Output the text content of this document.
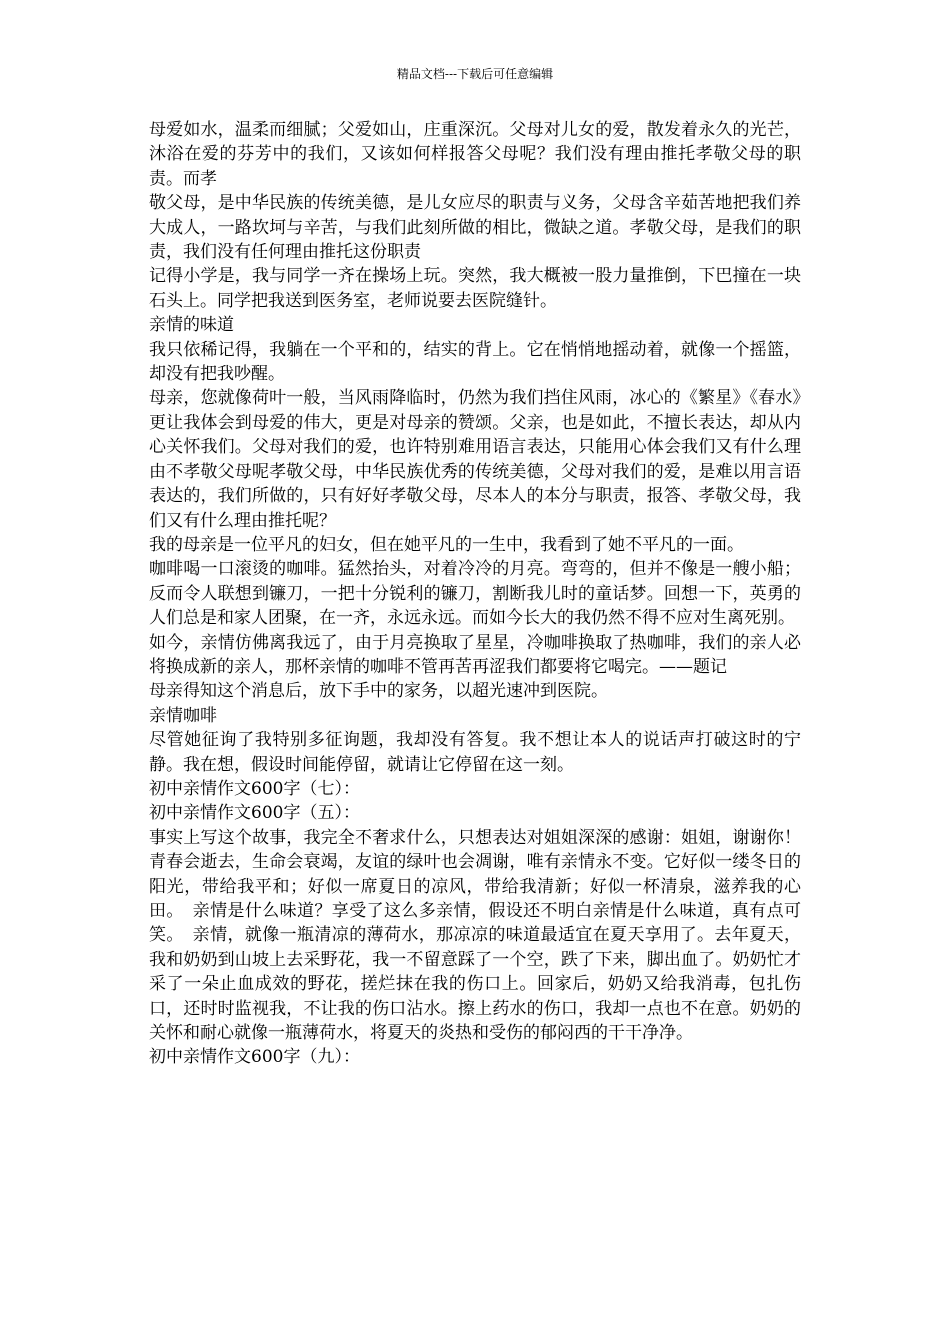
精品文档---下载后可任意编辑

母爱如水，温柔而细腻；父爱如山，庄重深沉。父母对儿女的爱，散发着永久的光芒，沐浴在爱的芬芳中的我们，又该如何样报答父母呢？我们没有理由推托孝敬父母的职责。而孝

敬父母，是中华民族的传统美德，是儿女应尽的职责与义务，父母含辛茹苦地把我们养大成人，一路坎坷与辛苦，与我们此刻所做的相比，微缺之道。孝敬父母，是我们的职责，我们没有任何理由推托这份职责

记得小学是，我与同学一齐在操场上玩。突然，我大概被一股力量推倒，下巴撞在一块石头上。同学把我送到医务室，老师说要去医院缝针。

亲情的味道

我只依稀记得，我躺在一个平和的，结实的背上。它在悄悄地摇动着，就像一个摇篮，却没有把我吵醒。

母亲，您就像荷叶一般，当风雨降临时，仍然为我们挡住风雨，冰心的《繁星》《春水》更让我体会到母爱的伟大，更是对母亲的赞颂。父亲，也是如此，不擅长表达，却从内心关怀我们。父母对我们的爱，也许特别难用语言表达，只能用心体会我们又有什么理由不孝敬父母呢孝敬父母，中华民族优秀的传统美德，父母对我们的爱，是难以用言语表达的，我们所做的，只有好好孝敬父母，尽本人的本分与职责，报答、孝敬父母，我们又有什么理由推托呢？

我的母亲是一位平凡的妇女，但在她平凡的一生中，我看到了她不平凡的一面。

咖啡喝一口滚烫的咖啡。猛然抬头，对着冷冷的月亮。弯弯的，但并不像是一艘小船；反而令人联想到镰刀，一把十分锐利的镰刀，割断我儿时的童话梦。回想一下，英勇的人们总是和家人团聚，在一齐，永远永远。而如今长大的我仍然不得不应对生离死别。

如今，亲情仿佛离我远了，由于月亮换取了星星，冷咖啡换取了热咖啡，我们的亲人必将换成新的亲人，那杯亲情的咖啡不管再苦再涩我们都要将它喝完。——题记

母亲得知这个消息后，放下手中的家务，以超光速冲到医院。

亲情咖啡

尽管她征询了我特别多征询题，我却没有答复。我不想让本人的说话声打破这时的宁静。我在想，假设时间能停留，就请让它停留在这一刻。

初中亲情作文600字（七）：

初中亲情作文600字（五）：

事实上写这个故事，我完全不奢求什么，只想表达对姐姐深深的感谢：姐姐，谢谢你！　青春会逝去，生命会衰竭，友谊的绿叶也会凋谢，唯有亲情永不变。它好似一缕冬日的阳光，带给我平和；好似一席夏日的凉风，带给我清新；好似一杯清泉，滋养我的心田。　亲情是什么味道？享受了这么多亲情，假设还不明白亲情是什么味道，真有点可笑。　亲情，就像一瓶清凉的薄荷水，那凉凉的味道最适宜在夏天享用了。去年夏天，我和奶奶到山坡上去采野花，我一不留意踩了一个空，跌了下来，脚出血了。奶奶忙才采了一朵止血成效的野花，搓烂抹在我的伤口上。回家后，奶奶又给我消毒，包扎伤口，还时时监视我，不让我的伤口沾水。擦上药水的伤口，我却一点也不在意。奶奶的关怀和耐心就像一瓶薄荷水，将夏天的炎热和受伤的郁闷西的干干净净。

初中亲情作文600字（九）：
